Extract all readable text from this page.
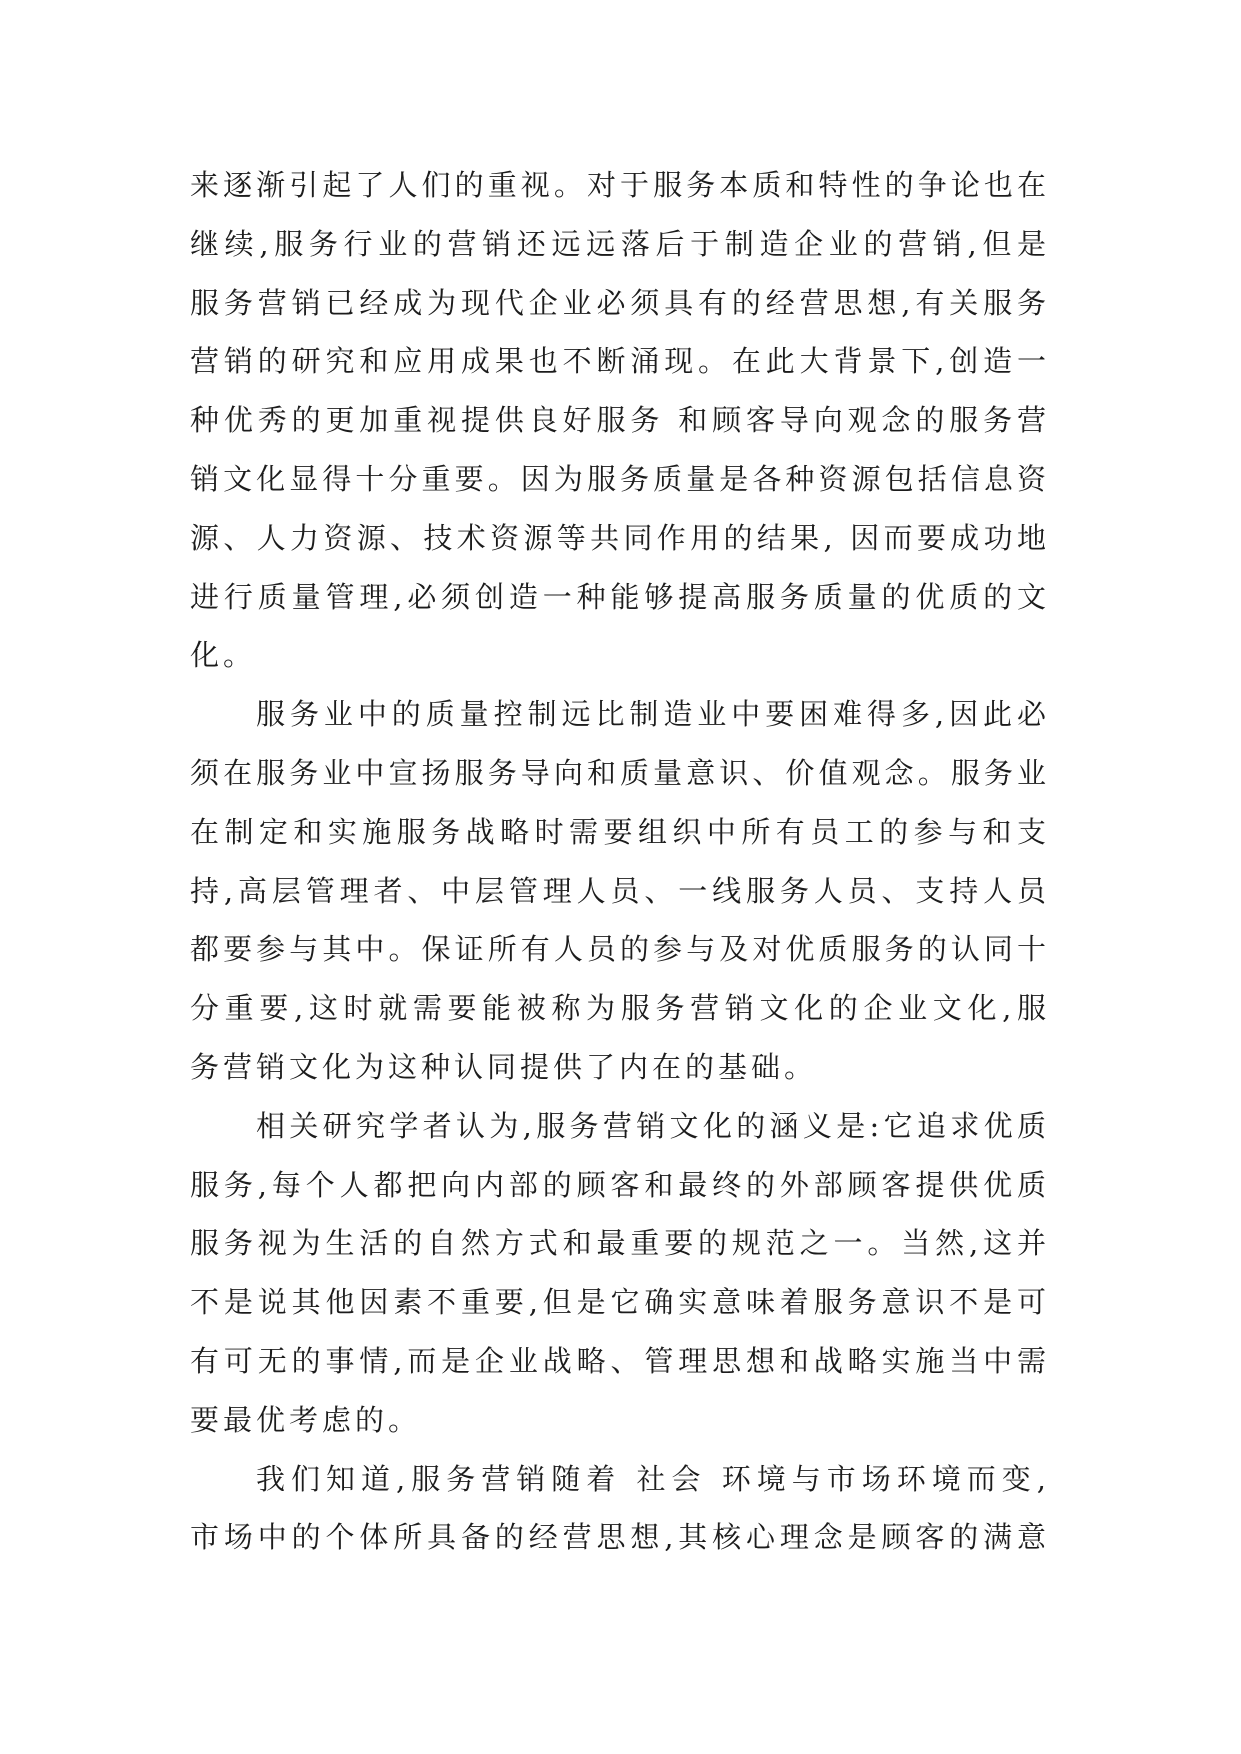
来逐渐引起了人们的重视。对于服务本质和特性的争论也在
继续,服务行业的营销还远远落后于制造企业的营销,但是
服务营销已经成为现代企业必须具有的经营思想,有关服务
营销的研究和应用成果也不断涌现。在此大背景下,创造一
种优秀的更加重视提供良好服务 和顾客导向观念的服务营
销文化显得十分重要。因为服务质量是各种资源包括信息资
源、人力资源、技术资源等共同作用的结果, 因而要成功地
进行质量管理,必须创造一种能够提高服务质量的优质的文
化。
服务业中的质量控制远比制造业中要困难得多,因此必
须在服务业中宣扬服务导向和质量意识、价值观念。服务业
在制定和实施服务战略时需要组织中所有员工的参与和支
持,高层管理者、中层管理人员、一线服务人员、支持人员
都要参与其中。保证所有人员的参与及对优质服务的认同十
分重要,这时就需要能被称为服务营销文化的企业文化,服
务营销文化为这种认同提供了内在的基础。
相关研究学者认为,服务营销文化的涵义是:它追求优质
服务,每个人都把向内部的顾客和最终的外部顾客提供优质
服务视为生活的自然方式和最重要的规范之一。当然,这并
不是说其他因素不重要,但是它确实意味着服务意识不是可
有可无的事情,而是企业战略、管理思想和战略实施当中需
要最优考虑的。
我们知道,服务营销随着 社会 环境与市场环境而变,
市场中的个体所具备的经营思想,其核心理念是顾客的满意
